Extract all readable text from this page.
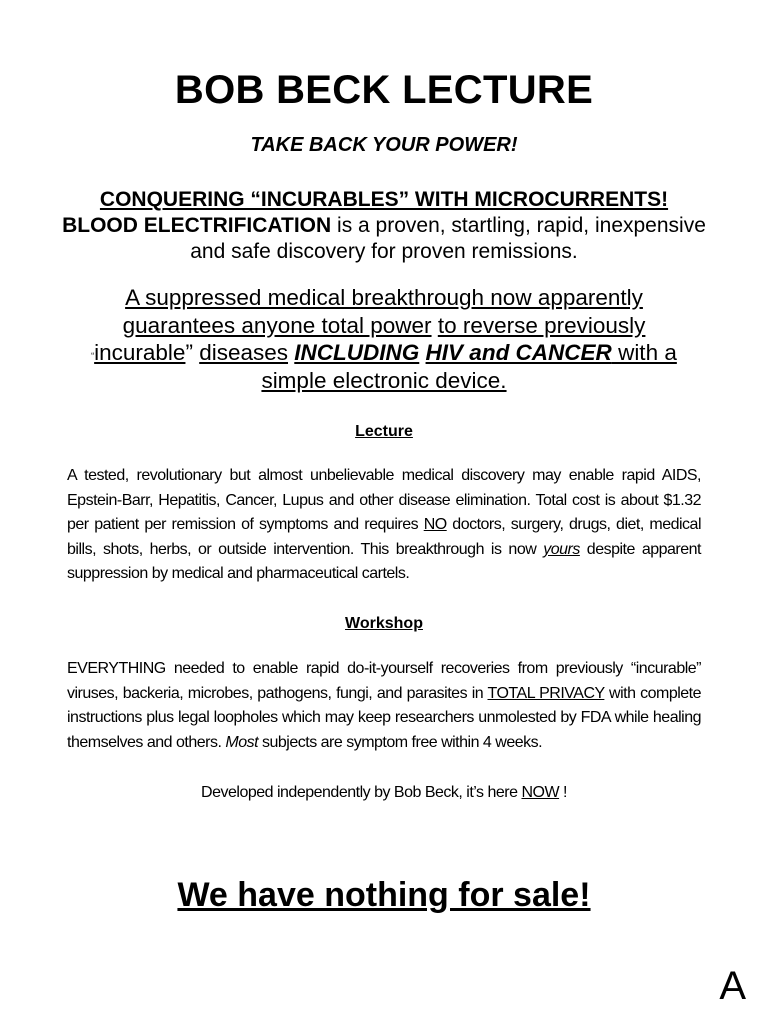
BOB BECK LECTURE
TAKE BACK YOUR POWER!
CONQUERING “INCURABLES” WITH MICROCURRENTS!
BLOOD ELECTRIFICATION is a proven, startling, rapid, inexpensive and safe discovery for proven remissions.
A suppressed medical breakthrough now apparently guarantees anyone total power to reverse previously “incurable” diseases INCLUDING HIV and CANCER with a simple electronic device.
Lecture
A tested, revolutionary but almost unbelievable medical discovery may enable rapid AIDS, Epstein-Barr, Hepatitis, Cancer, Lupus and other disease elimination. Total cost is about $1.32 per patient per remission of symptoms and requires NO doctors, surgery, drugs, diet, medical bills, shots, herbs, or outside intervention. This breakthrough is now yours despite apparent suppression by medical and pharmaceutical cartels.
Workshop
EVERYTHING needed to enable rapid do-it-yourself recoveries from previously “incurable” viruses, backeria, microbes, pathogens, fungi, and parasites in TOTAL PRIVACY with complete instructions plus legal loopholes which may keep researchers unmolested by FDA while healing themselves and others. Most subjects are symptom free within 4 weeks.
Developed independently by Bob Beck, it’s here NOW !
We have nothing for sale!
A
